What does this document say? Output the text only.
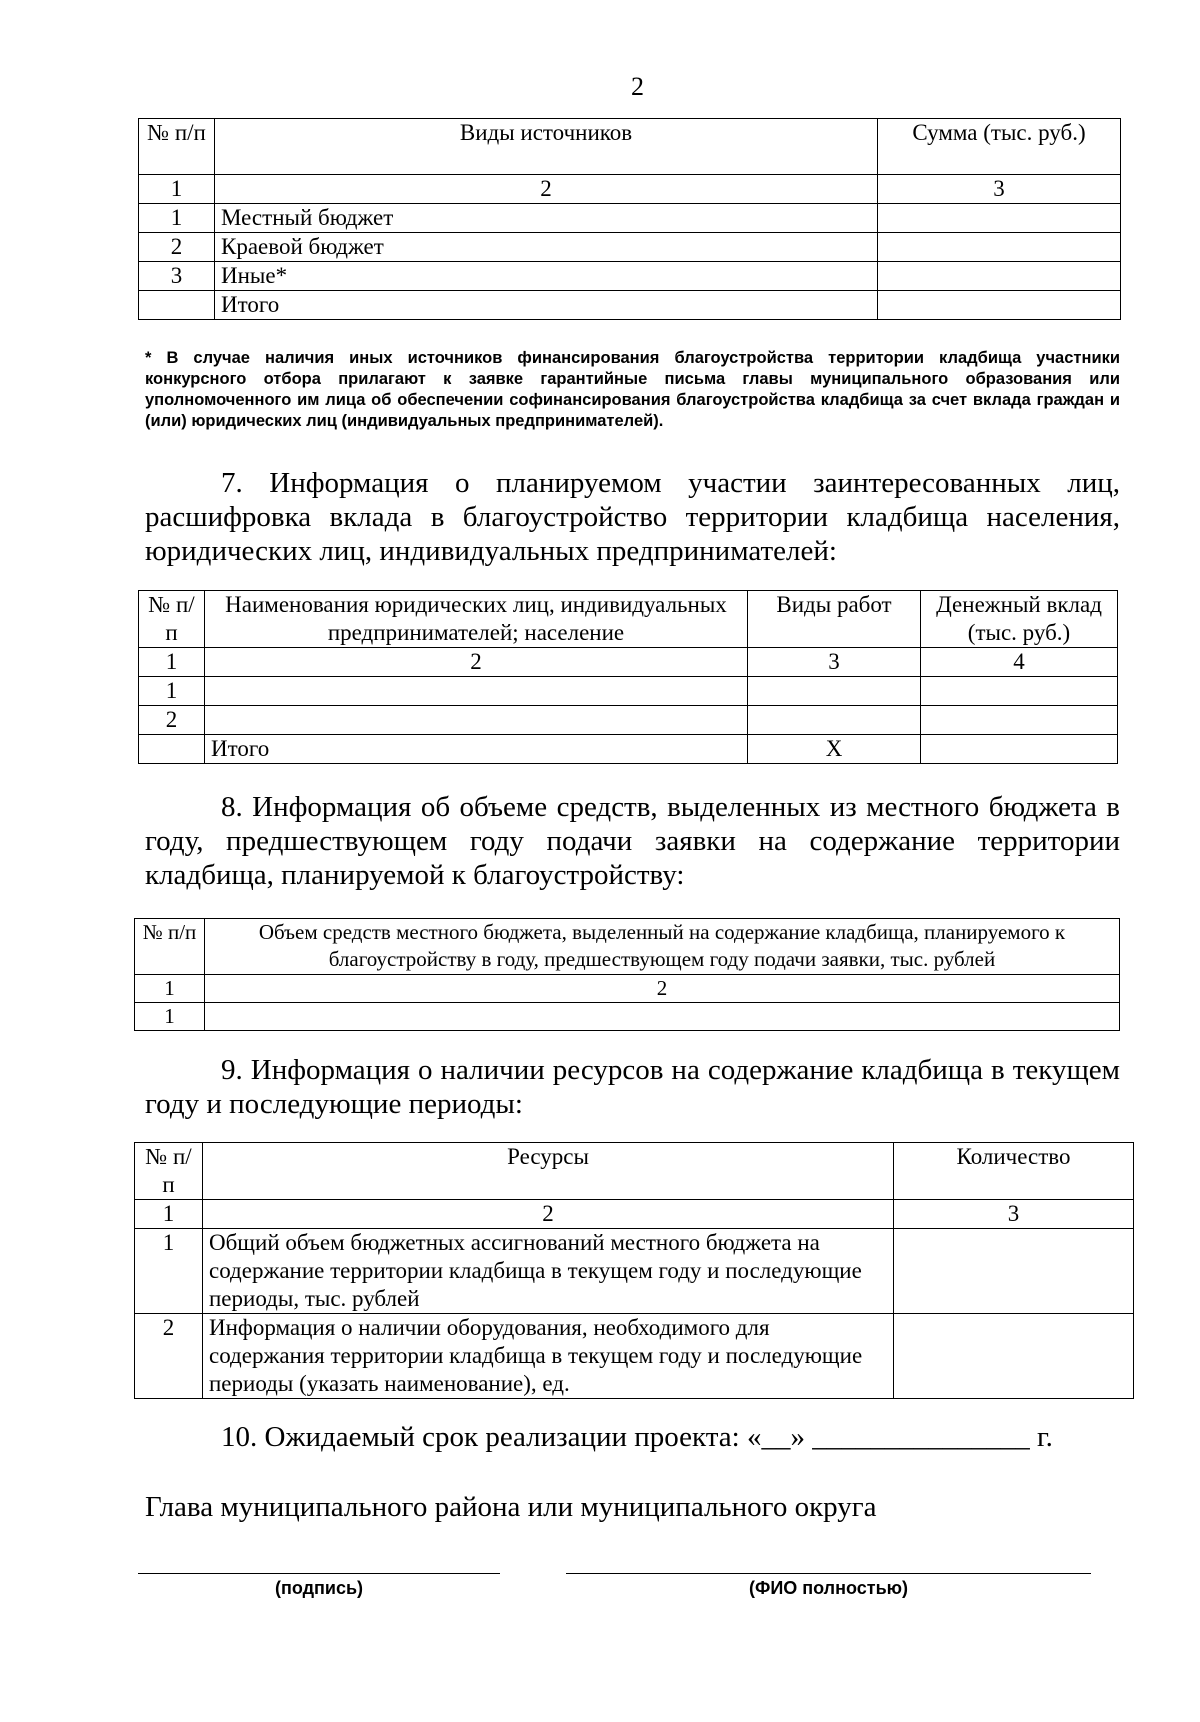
2
№ п/п	Виды источников	Сумма (тыс. руб.)
1	2	3
1	Местный бюджет	
2	Краевой бюджет	
3	Иные*	
	Итого	
* В случае наличия иных источников финансирования благоустройства территории кладбища участники конкурсного отбора прилагают к заявке гарантийные письма главы муниципального образования или уполномоченного им лица об обеспечении софинансирования благоустройства кладбища за счет вклада граждан и (или) юридических лиц (индивидуальных предпринимателей).

7. Информация о планируемом участии заинтересованных лиц, расшифровка вклада в благоустройство территории кладбища населения, юридических лиц, индивидуальных предпринимателей:

№ п/п	Наименования юридических лиц, индивидуальных предпринимателей; население	Виды работ	Денежный вклад (тыс. руб.)
1	2	3	4
1			
2			
	Итого	Х	

8. Информация об объеме средств, выделенных из местного бюджета в году, предшествующем году подачи заявки на содержание территории кладбища, планируемой к благоустройству:

№ п/п	Объем средств местного бюджета, выделенный на содержание кладбища, планируемого к благоустройству в году, предшествующем году подачи заявки, тыс. рублей
1	2
1	

9. Информация о наличии ресурсов на содержание кладбища в текущем году и последующие периоды:

№ п/п	Ресурсы	Количество
1	2	3
1	Общий объем бюджетных ассигнований местного бюджета на содержание территории кладбища в текущем году и последующие периоды, тыс. рублей	
2	Информация о наличии оборудования, необходимого для содержания территории кладбища в текущем году и последующие периоды (указать наименование), ед.	

10. Ожидаемый срок реализации проекта: «__» _______________ г.

Глава муниципального района или муниципального округа
(подпись)	(ФИО полностью)
